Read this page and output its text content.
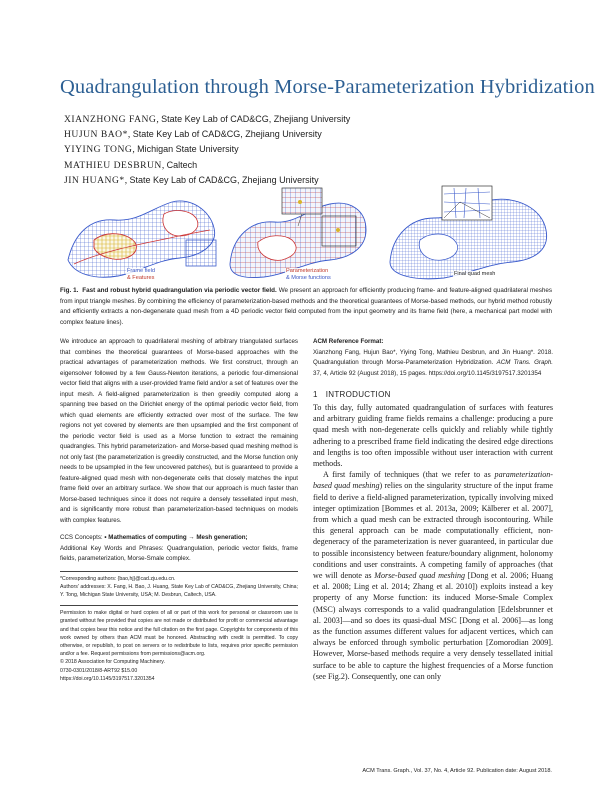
Quadrangulation through Morse-Parameterization Hybridization
XIANZHONG FANG, State Key Lab of CAD&CG, Zhejiang University
HUJUN BAO*, State Key Lab of CAD&CG, Zhejiang University
YIYING TONG, Michigan State University
MATHIEU DESBRUN, Caltech
JIN HUANG*, State Key Lab of CAD&CG, Zhejiang University
Frame field
& Features
Parameterization
& Morse functions
Final quad mesh
Fig. 1. Fast and robust hybrid quadrangulation via periodic vector field. We present an approach for efficiently producing frame- and feature-aligned quadrilateral meshes from input triangle meshes. By combining the efficiency of parameterization-based methods and the theoretical guarantees of Morse-based methods, our hybrid method robustly and efficiently extracts a non-degenerate quad mesh from a 4D periodic vector field computed from the input geometry and its frame field (here, a mechanical part model with complex feature lines).

We introduce an approach to quadrilateral meshing of arbitrary triangulated surfaces that combines the theoretical guarantees of Morse-based approaches with the practical advantages of parameterization methods. We first construct, through an eigensolver followed by a few Gauss-Newton iterations, a periodic four-dimensional vector field that aligns with a user-provided frame field and/or a set of features over the input mesh. A field-aligned parameterization is then greedily computed along a spanning tree based on the Dirichlet energy of the optimal periodic vector field, from which quad elements are efficiently extracted over most of the surface. The few regions not yet covered by elements are then upsampled and the first component of the periodic vector field is used as a Morse function to extract the remaining quadrangles. This hybrid parameterization- and Morse-based quad meshing method is not only fast (the parameterization is greedily constructed, and the Morse function only needs to be upsampled in the few uncovered patches), but is guaranteed to provide a feature-aligned quad mesh with non-degenerate cells that closely matches the input frame field over an arbitrary surface. We show that our approach is much faster than Morse-based techniques since it does not require a densely tessellated input mesh, and is significantly more robust than parameterization-based techniques on models with complex features.

CCS Concepts: • Mathematics of computing → Mesh generation;

Additional Key Words and Phrases: Quadrangulation, periodic vector fields, frame fields, parameterization, Morse-Smale complex.

*Corresponding authors: {bao,hj}@cad.zju.edu.cn.

Authors' addresses: X. Fang, H. Bao, J. Huang, State Key Lab of CAD&CG, Zhejiang University, China; Y. Tong, Michigan State University, USA; M. Desbrun, Caltech, USA.

Permission to make digital or hard copies of all or part of this work for personal or classroom use is granted without fee provided that copies are not made or distributed for profit or commercial advantage and that copies bear this notice and the full citation on the first page. Copyrights for components of this work owned by others than ACM must be honored. Abstracting with credit is permitted. To copy otherwise, or republish, to post on servers or to redistribute to lists, requires prior specific permission and/or a fee. Request permissions from permissions@acm.org.

© 2018 Association for Computing Machinery.

0730-0301/2018/8-ART92 $15.00

https://doi.org/10.1145/3197517.3201354

ACM Reference Format:
Xianzhong Fang, Hujun Bao*, Yiying Tong, Mathieu Desbrun, and Jin Huang*. 2018. Quadrangulation through Morse-Parameterization Hybridization. ACM Trans. Graph. 37, 4, Article 92 (August 2018), 15 pages. https://doi.org/10.1145/3197517.3201354

1 INTRODUCTION

To this day, fully automated quadrangulation of surfaces with features and arbitrary guiding frame fields remains a challenge: producing a pure quad mesh with non-degenerate cells quickly and reliably while tightly adhering to a prescribed frame field indicating the desired edge directions and lengths is too often impossible without user interaction with current methods.

A first family of techniques (that we refer to as parameterization-based quad meshing) relies on the singularity structure of the input frame field to derive a field-aligned parameterization, typically involving mixed integer optimization [Bommes et al. 2013a, 2009; Kälberer et al. 2007], from which a quad mesh can be extracted through isocontouring. While this general approach can be made computationally efficient, non-degeneracy of the parameterization is never guaranteed, in particular due to possible inconsistency between feature/boundary alignment, holonomy conditions and user constraints. A competing family of approaches (that we will denote as Morse-based quad meshing [Dong et al. 2006; Huang et al. 2008; Ling et al. 2014; Zhang et al. 2010]) exploits instead a key property of any Morse function: its induced Morse-Smale Complex (MSC) always corresponds to a valid quadrangulation [Edelsbrunner et al. 2003]—and so does its quasi-dual MSC [Dong et al. 2006]—as long as the function assumes different values for adjacent vertices, which can always be enforced through symbolic perturbation [Zomorodian 2009]. However, Morse-based methods require a very densely tessellated initial surface to be able to capture the highest frequencies of a Morse function (see Fig.2). Consequently, one can only

ACM Trans. Graph., Vol. 37, No. 4, Article 92. Publication date: August 2018.
